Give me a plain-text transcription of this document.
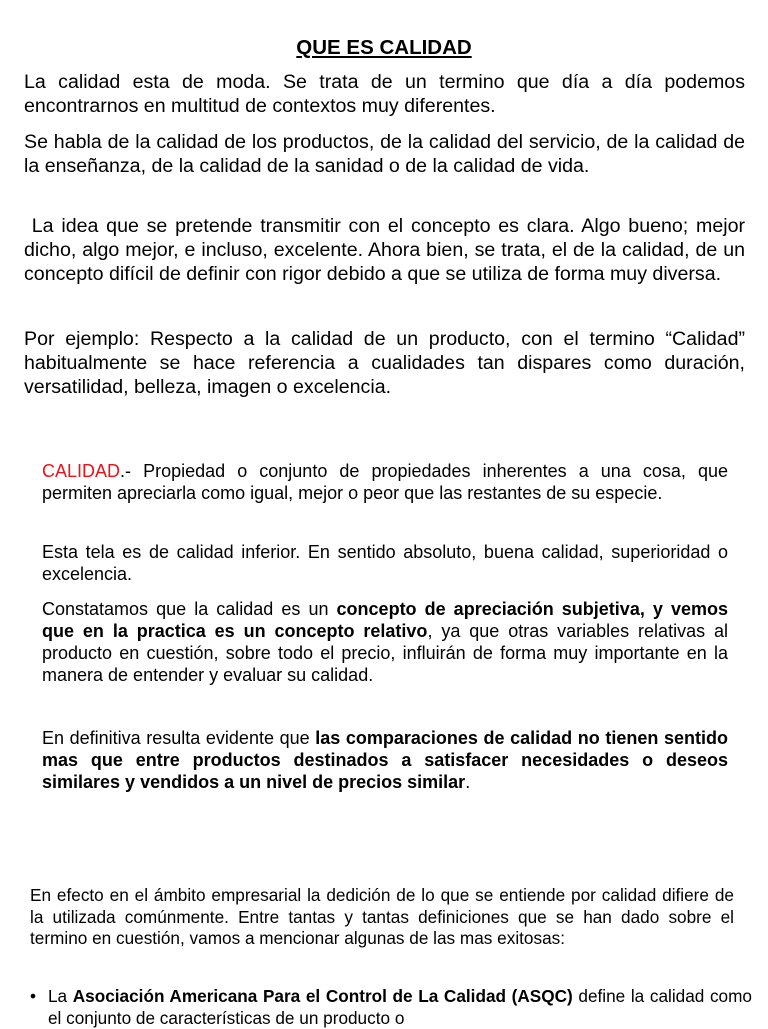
QUE ES CALIDAD

La calidad esta de moda. Se trata de un termino que día a día podemos encontrarnos en multitud de contextos muy diferentes.

Se habla de la calidad de los productos, de la calidad del servicio, de la calidad de la enseñanza, de la calidad de la sanidad o de la calidad de vida.

La idea que se pretende transmitir con el concepto es clara. Algo bueno; mejor dicho, algo mejor, e incluso, excelente. Ahora bien, se trata, el de la calidad, de un concepto difícil de definir con rigor debido a que se utiliza de forma muy diversa.

Por ejemplo: Respecto a la calidad de un producto, con el termino “Calidad” habitualmente se hace referencia a cualidades tan dispares como duración, versatilidad, belleza, imagen o excelencia.

CALIDAD.- Propiedad o conjunto de propiedades inherentes a una cosa, que permiten apreciarla como igual, mejor o peor que las restantes de su especie.

Esta tela es de calidad inferior. En sentido absoluto, buena calidad, superioridad o excelencia.

Constatamos que la calidad es un concepto de apreciación subjetiva, y vemos que en la practica es un concepto relativo, ya que otras variables relativas al producto en cuestión, sobre todo el precio, influirán de forma muy importante en la manera de entender y evaluar su calidad.

En definitiva resulta evidente que las comparaciones de calidad no tienen sentido mas que entre productos destinados a satisfacer necesidades o deseos similares y vendidos a un nivel de precios similar.

En efecto en el ámbito empresarial la dedición de lo que se entiende por calidad difiere de la utilizada comúnmente. Entre tantas y tantas definiciones que se han dado sobre el termino en cuestión, vamos a mencionar algunas de las mas exitosas:

• La Asociación Americana Para el Control de La Calidad (ASQC) define la calidad como el conjunto de características de un producto o
